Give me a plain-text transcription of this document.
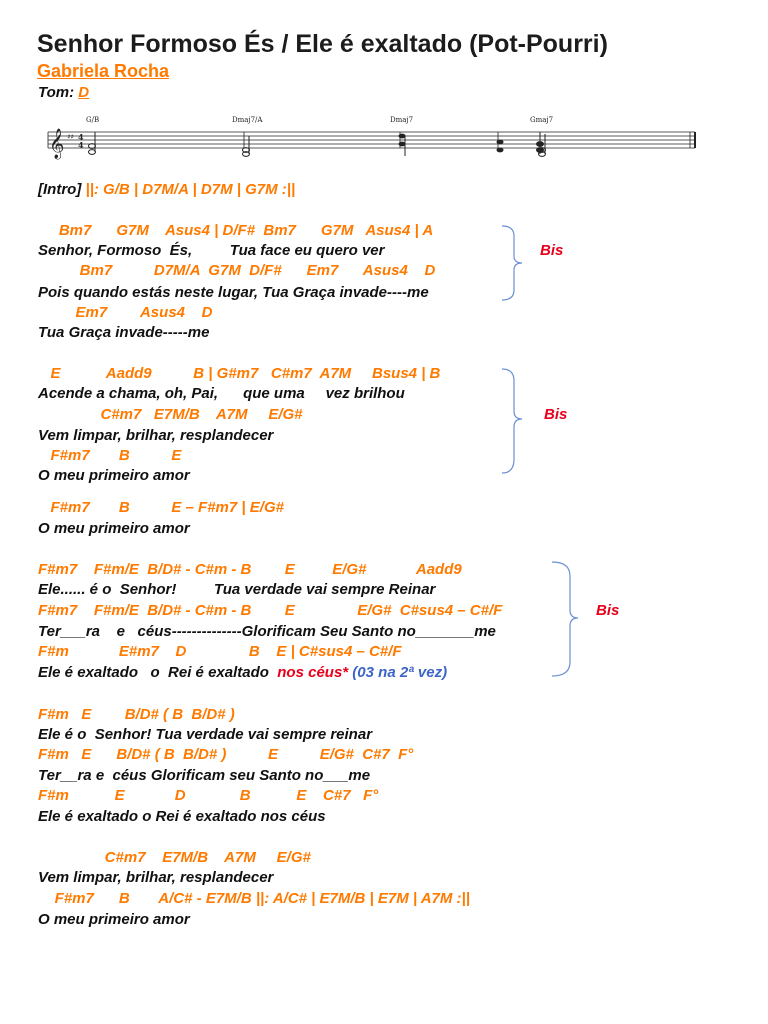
Senhor Formoso És / Ele é exaltado (Pot-Pourri)
Gabriela Rocha
Tom: D
𝄞 ♯♯ 4
4
G/B	Dmaj7/A	Dmaj7	Gmaj7
[Intro] ||: G/B | D7M/A | D7M | G7M :||
Bm7      G7M    Asus4 | D/F#  Bm7      G7M   Asus4 | A
Senhor, Formoso  És,         Tua face eu quero ver
Bm7          D7M/A  G7M  D/F#      Em7      Asus4    D
Pois quando estás neste lugar, Tua Graça invade----me
Em7        Asus4    D
Tua Graça invade-----me
E           Aadd9          B | G#m7   C#m7  A7M     Bsus4 | B
Acende a chama, oh, Pai,      que uma     vez brilhou
C#m7   E7M/B    A7M     E/G#
Vem limpar, brilhar, resplandecer
F#m7       B          E
O meu primeiro amor
F#m7       B          E – F#m7 | E/G#
O meu primeiro amor
F#m7    F#m/E  B/D# - C#m - B        E         E/G#            Aadd9
Ele...... é o  Senhor!         Tua verdade vai sempre Reinar
F#m7    F#m/E  B/D# - C#m - B        E               E/G#  C#sus4 – C#/F
Ter___ra    e   céus--------------Glorificam Seu Santo no_______me
F#m            E#m7    D               B    E | C#sus4 – C#/F
Ele é exaltado   o  Rei é exaltado  nos céus* (03 na 2ª vez)
F#m   E        B/D# ( B  B/D# )
Ele é o  Senhor! Tua verdade vai sempre reinar
F#m   E      B/D# ( B  B/D# )          E          E/G#  C#7  F°
Ter__ra e  céus Glorificam seu Santo no___me
F#m           E            D             B           E    C#7   F°
Ele é exaltado o Rei é exaltado nos céus
C#m7    E7M/B    A7M     E/G#
Vem limpar, brilhar, resplandecer
F#m7      B       A/C# - E7M/B ||: A/C# | E7M/B | E7M | A7M :||
O meu primeiro amor
Bis
Bis
Bis
